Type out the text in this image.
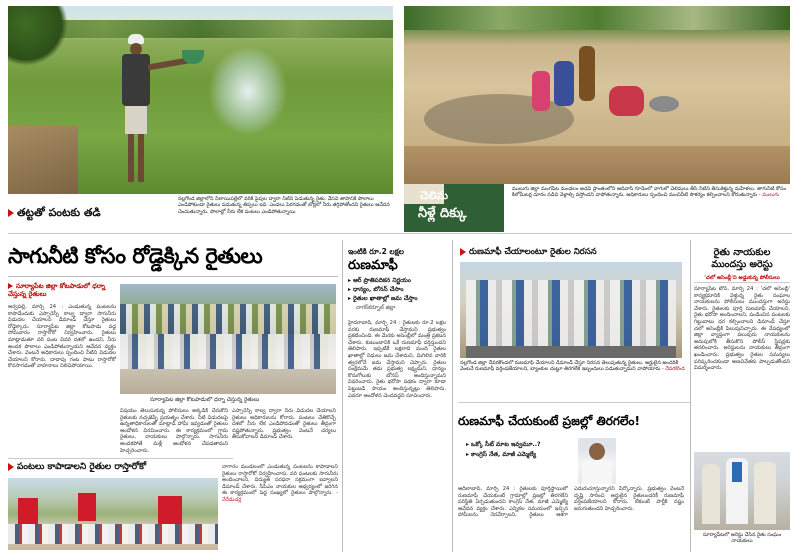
నల్లగొండ జిల్లాలోని నీలాయిపల్లెలో వరికి పైపుల ద్వారా నీటిని పెడుతున్న రైతు. వేసవి తాపానికి పొలాలు ఎండిపోకుండా రైతులు పడుతున్న తిప్పలు ఇవి. ఎండలు పెరగడంతో బోర్లలో నీరు తగ్గిపోతోందని రైతులు ఆవేదన చెందుతున్నారు. పొలాల్లో నీరు లేక పంటలు ఎండిపోతున్నాయి
తట్టతో పంటకు తడి
చెలిమ
నీళ్లే దిక్కు
ములుగు జిల్లా మంగపేట మండలం అడవి ప్రాంతంలోని ఆదివాసీ గూడెంలో వాగులో చెలిమలు తీసి నీటిని తీసుకెళ్తున్న మహిళలు. తాగునీటి కోసం కిలోమీటర్ల దూరం నడిచి వెళ్లాల్సి వస్తోందని వాపోతున్నారు. అధికారులు స్పందించి మంచినీటి సౌకర్యం కల్పించాలని కోరుతున్నారు - ములుగు
సాగునీటి కోసం రోడ్డెక్కిన రైతులు
సూర్యాపేట జిల్లా కోటపాడులో ధర్నా చేస్తున్న రైతులు
అర్వపల్లి, మార్చి 24 : ఎండుతున్న పంటలను కాపాడేందుకు ఎస్సారెస్పీ కాల్వ ద్వారా సాగునీరు విడుదల చేయాలని డిమాండ్ చేస్తూ రైతులు రోడ్డెక్కారు. సూర్యాపేట జిల్లా కోటపాడు వద్ద సోమవారం రాస్తారోకో నిర్వహించారు. రైతులు మాట్లాడుతూ వరి పంట చివరి దశలో ఉందని, నీరు అందక పొలాలు ఎండిపోతున్నాయని ఆవేదన వ్యక్తం చేశారు. వెంటనే అధికారులు స్పందించి నీటిని విడుదల చేయాలని కోరారు. దాదాపు గంట పాటు రాస్తారోకో కొనసాగడంతో వాహనాలు నిలిచిపోయాయి.
సూర్యాపేట జిల్లా కోటపాడులో ధర్నా చేస్తున్న రైతులు
విషయం తెలుసుకున్న పోలీసులు అక్కడికి చేరుకొని రైతులకు నచ్చజెప్పే ప్రయత్నం చేశారు. నీటి విడుదలపై ఉన్నతాధికారులతో మాట్లాడి హామీ ఇవ్వడంతో రైతులు ఆందోళన విరమించారు. ఈ కార్యక్రమంలో గ్రామ రైతులు, నాయకులు పాల్గొన్నారు. సాగునీరు అందకపోతే మళ్లీ ఆందోళన చేపడతామని హెచ్చరించారు.
ఎస్సారెస్పీ కాల్వ ద్వారా నీరు విడుదల చేయాలని రైతులు అధికారులను కోరారు. పంటలు చేతికొచ్చే దశలో నీరు లేక ఎండిపోవడంతో రైతులు తీవ్రంగా నష్టపోతున్నారు. ప్రభుత్వం వెంటనే చర్యలు తీసుకోవాలని డిమాండ్ చేశారు.
పంటలు కాపాడాలని రైతుల రాస్తారోకో	నాగారం మండలంలో ఎండుతున్న పంటలను కాపాడాలని రైతులు రాస్తారోకో నిర్వహించారు. వరి పంటలకు సాగునీరు అందించాలని, విద్యుత్ సరఫరా సక్రమంగా ఇవ్వాలని డిమాండ్ చేశారు. సీపీఎం నాయకుల ఆధ్వర్యంలో జరిగిన ఈ కార్యక్రమంలో పెద్ద సంఖ్యలో రైతులు పాల్గొన్నారు. - నేరేడుచర్ల
ఇంటికి రూ.2 లక్షల
రుణమాఫీ
▸ ఆర్ ప్రాతిపదికన నిర్ణయం
▸ ధాన్యం, బోనస్ చేసాం
▸ రైతుల ఖాతాల్లో జమ చేస్తాం
నాగర్‌కర్నూల్ జిల్లా
హైదరాబాద్, మార్చి 24 : రైతులకు రూ.2 లక్షల వరకు రుణమాఫీ చేస్తామని ప్రభుత్వం ప్రకటించింది. ఈ మేరకు అసెంబ్లీలో మంత్రి ప్రకటన చేశారు. కుటుంబానికి ఒకే రుణమాఫీ వర్తిస్తుందని తెలిపారు. ఇప్పటికే లక్షలాది మంది రైతుల ఖాతాల్లో నిధులు జమ చేశామని, మిగిలిన వారికి త్వరలోనే జమ చేస్తామని చెప్పారు. రైతుల సంక్షేమమే తమ ప్రభుత్వ లక్ష్యమని, ధాన్యం కొనుగోలుకు బోనస్ అందిస్తున్నామని వివరించారు. రైతు భరోసా పథకం ద్వారా కూడా పెట్టుబడి సాయం అందిస్తున్నట్లు తెలిపారు. ఎవరూ ఆందోళన చెందవద్దని సూచించారు.
రుణమాఫీ చేయాలంటూ రైతుల నిరసన
నల్లగొండ జిల్లా దేవరకొండలో రుణమాఫీ చేయాలని డిమాండ్ చేస్తూ నిరసన తెలుపుతున్న రైతులు. అర్హులైన అందరికీ వెంటనే రుణమాఫీ వర్తింపజేయాలని, బ్యాంకుల చుట్టూ తిరగలేక ఇబ్బందులు పడుతున్నామని వాపోయారు - దేవరకొండ
రుణమాఫీ చేయకుంటే ప్రజల్లో తిరగలేం!
▸ ఒక్కో సీట్ మాట ఇవ్వమూ..?
▸ కాంగ్రెస్ నేత, మాజీ ఎమ్మెల్యే
ఆదిలాబాద్, మార్చి 24 : రైతులకు పూర్తిస్థాయిలో రుణమాఫీ చేయకుంటే గ్రామాల్లో ప్రజల్లో తిరగలేని పరిస్థితి ఏర్పడుతుందని కాంగ్రెస్ నేత, మాజీ ఎమ్మెల్యే ఆవేదన వ్యక్తం చేశారు. ఎన్నికల సమయంలో ఇచ్చిన హామీలను నెరవేర్చాలని, రైతులు ఆశగా ఎదురుచూస్తున్నారని పేర్కొన్నారు. ప్రభుత్వం వెంటనే దృష్టి సారించి అర్హులైన రైతులందరికీ రుణమాఫీ వర్తింపజేయాలని కోరారు. లేకుంటే పార్టీకి నష్టం జరుగుతుందని హెచ్చరించారు.
రైతు నాయకుల
ముందస్తు అరెస్టు
'చలో అసెంబ్లీ'ని అడ్డుకున్న పోలీసులు
సూర్యాపేట టౌన్, మార్చి 24 : 'చలో అసెంబ్లీ' కార్యక్రమానికి వెళ్తున్న రైతు సంఘాల నాయకులను పోలీసులు ముందస్తుగా అరెస్టు చేశారు. రైతులకు పూర్తి రుణమాఫీ చేయాలని, రైతు భరోసా అందించాలని, పండించిన పంటలకు గిట్టుబాటు ధర కల్పించాలని డిమాండ్ చేస్తూ చలో అసెంబ్లీకి పిలుపునిచ్చారు. ఈ నేపథ్యంలో జిల్లా వ్యాప్తంగా పలువురు నాయకులను అదుపులోకి తీసుకొని పోలీస్ స్టేషన్లకు తరలించారు. అరెస్టులను నాయకులు తీవ్రంగా ఖండించారు. ప్రభుత్వం రైతుల సమస్యలు పరిష్కరించకుండా అణచివేతకు పాల్పడుతోందని విమర్శించారు.
సూర్యాపేటలో అరెస్టు చేసిన రైతు సంఘం నాయకులు
